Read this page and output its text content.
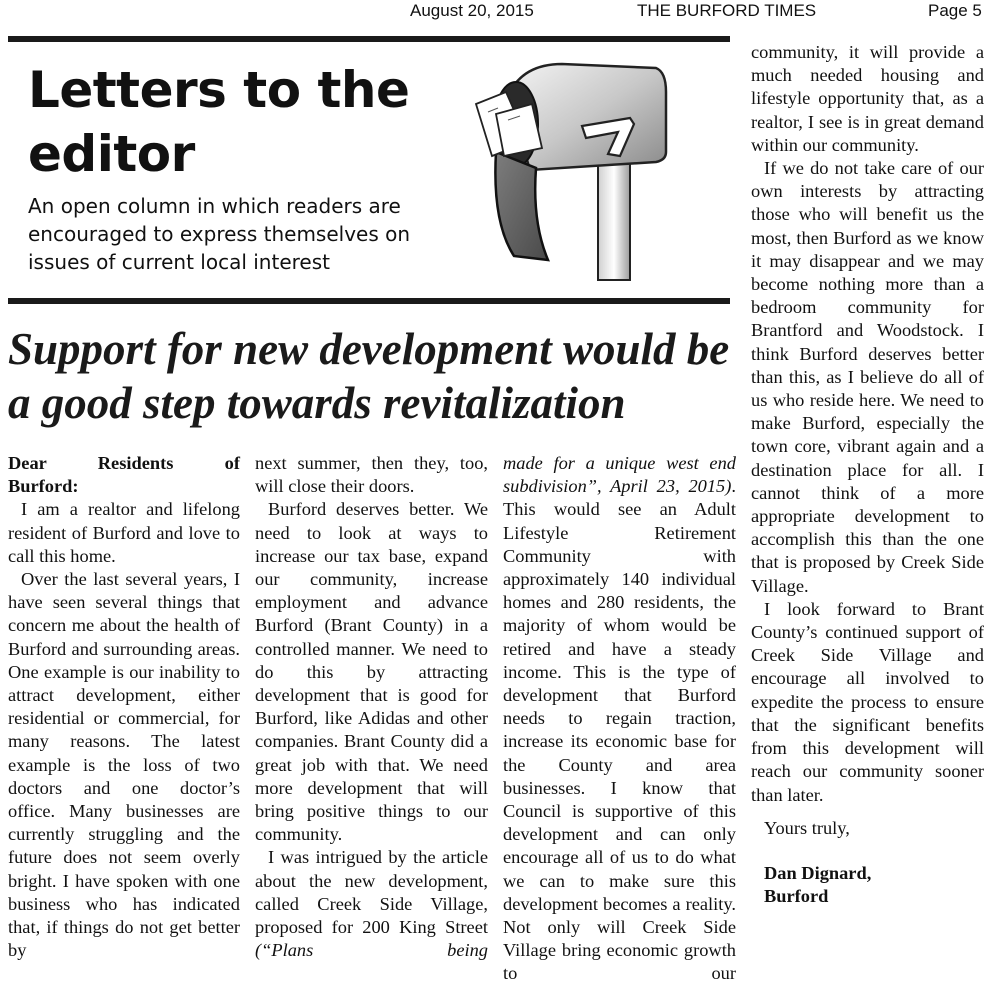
August 20, 2015	THE BURFORD TIMES	Page 5
Letters to the editor
An open column in which readers are encouraged to express themselves on issues of current local interest
Support for new development would be a good step towards revitalization

Dear Residents of

Burford:

I am a realtor and lifelong resident of Burford and love to call this home.

Over the last several years, I have seen several things that concern me about the health of Burford and surrounding areas. One example is our inability to attract development, either residential or commercial, for many reasons. The latest example is the loss of two doctors and one doctor’s office. Many businesses are currently struggling and the future does not seem overly bright. I have spoken with one business who has indicated that, if things do not get better by

next summer, then they, too, will close their doors.

Burford deserves better. We need to look at ways to increase our tax base, expand our community, increase employment and advance Burford (Brant County) in a controlled manner. We need to do this by attracting development that is good for Burford, like Adidas and other companies. Brant County did a great job with that. We need more development that will bring positive things to our community.

I was intrigued by the article about the new development, called Creek Side Village, proposed for 200 King Street (“Plans being

made for a unique west end subdivision”, April 23, 2015). This would see an Adult Lifestyle Retirement Community with approximately 140 individual homes and 280 residents, the majority of whom would be retired and have a steady income. This is the type of development that Burford needs to regain traction, increase its economic base for the County and area businesses. I know that Council is supportive of this development and can only encourage all of us to do what we can to make sure this development becomes a reality. Not only will Creek Side Village bring economic growth to our

community, it will provide a much needed housing and lifestyle opportunity that, as a realtor, I see is in great demand within our community.

If we do not take care of our own interests by attracting those who will benefit us the most, then Burford as we know it may disappear and we may become nothing more than a bedroom community for Brantford and Woodstock. I think Burford deserves better than this, as I believe do all of us who reside here. We need to make Burford, especially the town core, vibrant again and a destination place for all. I cannot think of a more appropriate development to accomplish this than the one that is proposed by Creek Side Village.

I look forward to Brant County’s continued support of Creek Side Village and encourage all involved to expedite the process to ensure that the significant benefits from this development will reach our community sooner than later.

Yours truly,

Dan Dignard,

Burford
